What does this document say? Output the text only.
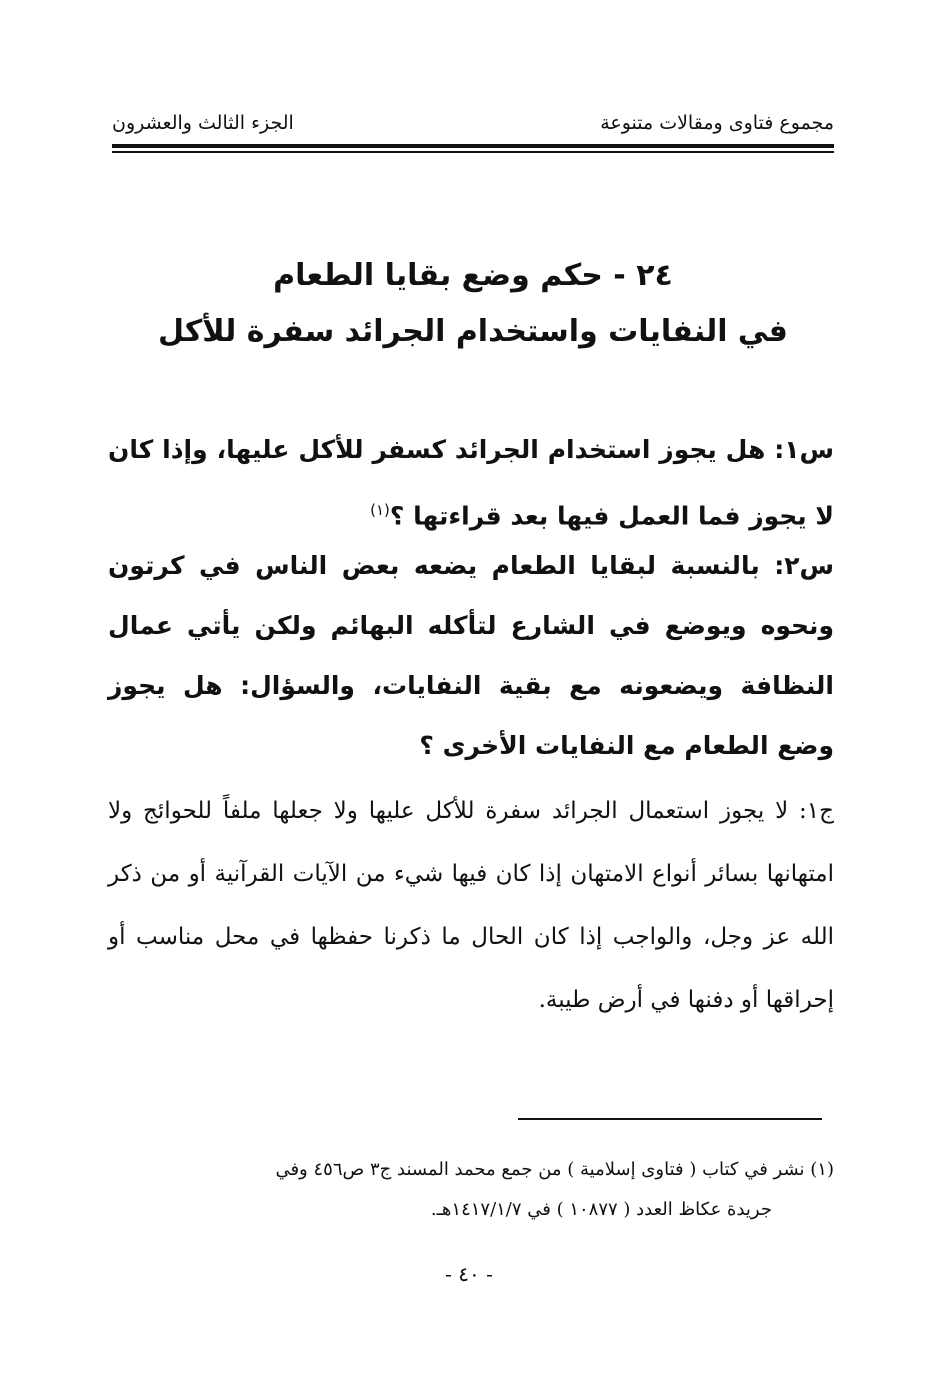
مجموع فتاوى ومقالات متنوعة
الجزء الثالث والعشرون
٢٤ - حكم وضع بقايا الطعام
في النفايات واستخدام الجرائد سفرة للأكل
س١: هل يجوز استخدام الجرائد كسفر للأكل عليها، وإذا كان لا يجوز فما العمل فيها بعد قراءتها ؟$^{(١)}$
س٢: بالنسبة لبقايا الطعام يضعه بعض الناس في كرتون ونحوه ويوضع في الشارع لتأكله البهائم ولكن يأتي عمال النظافة ويضعونه مع بقية النفايات، والسؤال: هل يجوز وضع الطعام مع النفايات الأخرى ؟
ج١: لا يجوز استعمال الجرائد سفرة للأكل عليها ولا جعلها ملفاً للحوائج ولا امتهانها بسائر أنواع الامتهان إذا كان فيها شيء من الآيات القرآنية أو من ذكر الله عز وجل، والواجب إذا كان الحال ما ذكرنا حفظها في محل مناسب أو إحراقها أو دفنها في أرض طيبة.
(١) نشر في كتاب ( فتاوى إسلامية ) من جمع محمد المسند ج٣ ص٤٥٦ وفي
جريدة عكاظ العدد ( ١٠٨٧٧ ) في ١٤١٧/١/٧هـ.
- ٤٠ -
